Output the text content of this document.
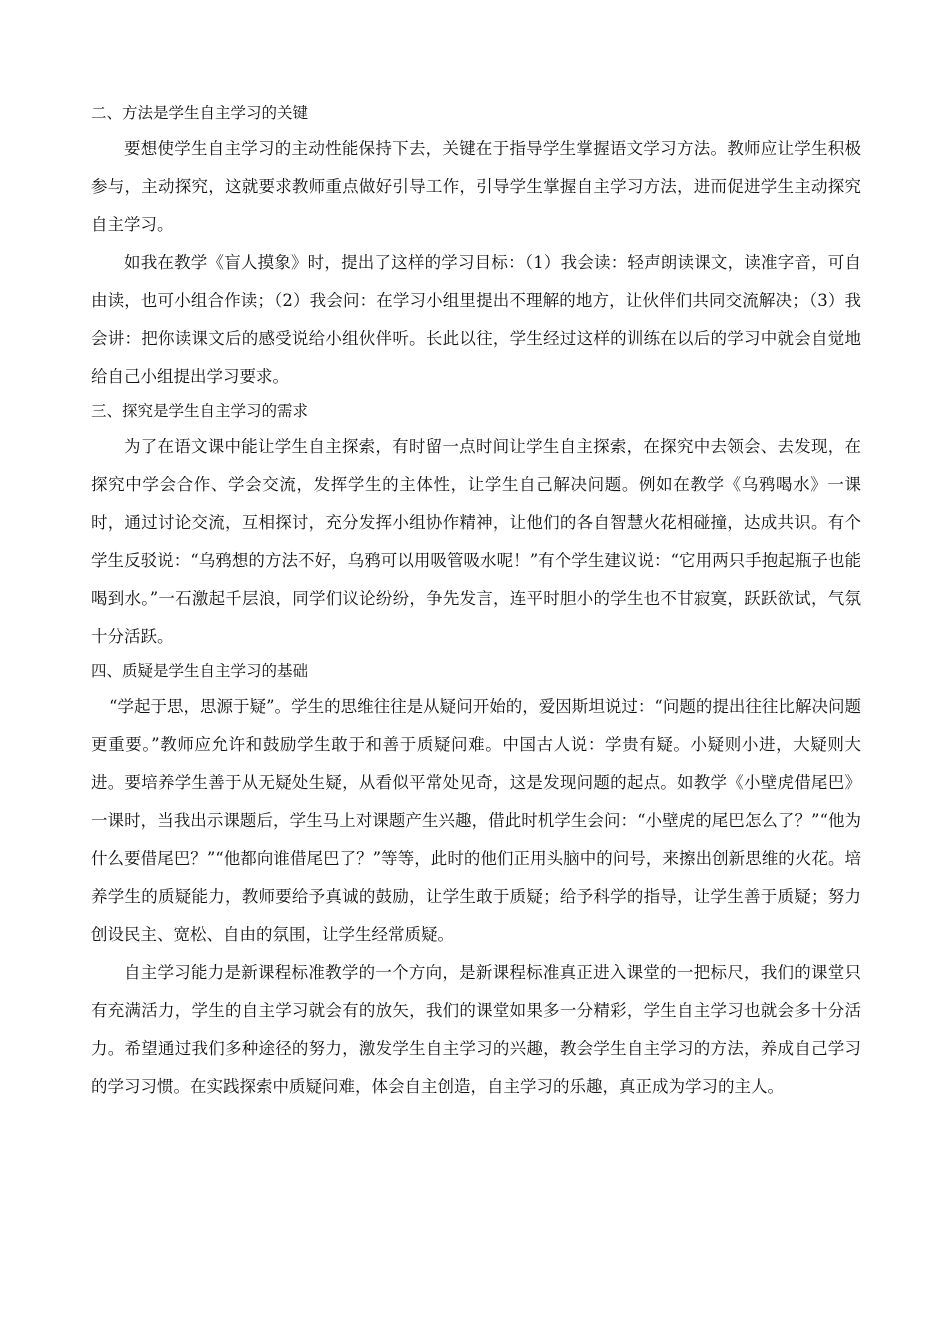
二、方法是学生自主学习的关键

要想使学生自主学习的主动性能保持下去，关键在于指导学生掌握语文学习方法。教师应让学生积极参与，主动探究，这就要求教师重点做好引导工作，引导学生掌握自主学习方法，进而促进学生主动探究自主学习。

如我在教学《盲人摸象》时，提出了这样的学习目标：（1）我会读：轻声朗读课文，读准字音，可自由读，也可小组合作读；（2）我会问：在学习小组里提出不理解的地方，让伙伴们共同交流解决；（3）我会讲：把你读课文后的感受说给小组伙伴听。长此以往，学生经过这样的训练在以后的学习中就会自觉地给自己小组提出学习要求。

三、探究是学生自主学习的需求

为了在语文课中能让学生自主探索，有时留一点时间让学生自主探索，在探究中去领会、去发现，在探究中学会合作、学会交流，发挥学生的主体性，让学生自己解决问题。例如在教学《乌鸦喝水》一课时，通过讨论交流，互相探讨，充分发挥小组协作精神，让他们的各自智慧火花相碰撞，达成共识。有个学生反驳说：“乌鸦想的方法不好，乌鸦可以用吸管吸水呢！”有个学生建议说：“它用两只手抱起瓶子也能喝到水。”一石激起千层浪，同学们议论纷纷，争先发言，连平时胆小的学生也不甘寂寞，跃跃欲试，气氛十分活跃。

四、质疑是学生自主学习的基础

“学起于思，思源于疑”。学生的思维往往是从疑问开始的，爱因斯坦说过：“问题的提出往往比解决问题更重要。”教师应允许和鼓励学生敢于和善于质疑问难。中国古人说：学贵有疑。小疑则小进，大疑则大进。要培养学生善于从无疑处生疑，从看似平常处见奇，这是发现问题的起点。如教学《小壁虎借尾巴》一课时，当我出示课题后，学生马上对课题产生兴趣，借此时机学生会问：“小壁虎的尾巴怎么了？”“他为什么要借尾巴？”“他都向谁借尾巴了？”等等，此时的他们正用头脑中的问号，来擦出创新思维的火花。培养学生的质疑能力，教师要给予真诚的鼓励，让学生敢于质疑；给予科学的指导，让学生善于质疑；努力创设民主、宽松、自由的氛围，让学生经常质疑。

自主学习能力是新课程标准教学的一个方向，是新课程标准真正进入课堂的一把标尺，我们的课堂只有充满活力，学生的自主学习就会有的放矢，我们的课堂如果多一分精彩，学生自主学习也就会多十分活力。希望通过我们多种途径的努力，激发学生自主学习的兴趣，教会学生自主学习的方法，养成自己学习的学习习惯。在实践探索中质疑问难，体会自主创造，自主学习的乐趣，真正成为学习的主人。
